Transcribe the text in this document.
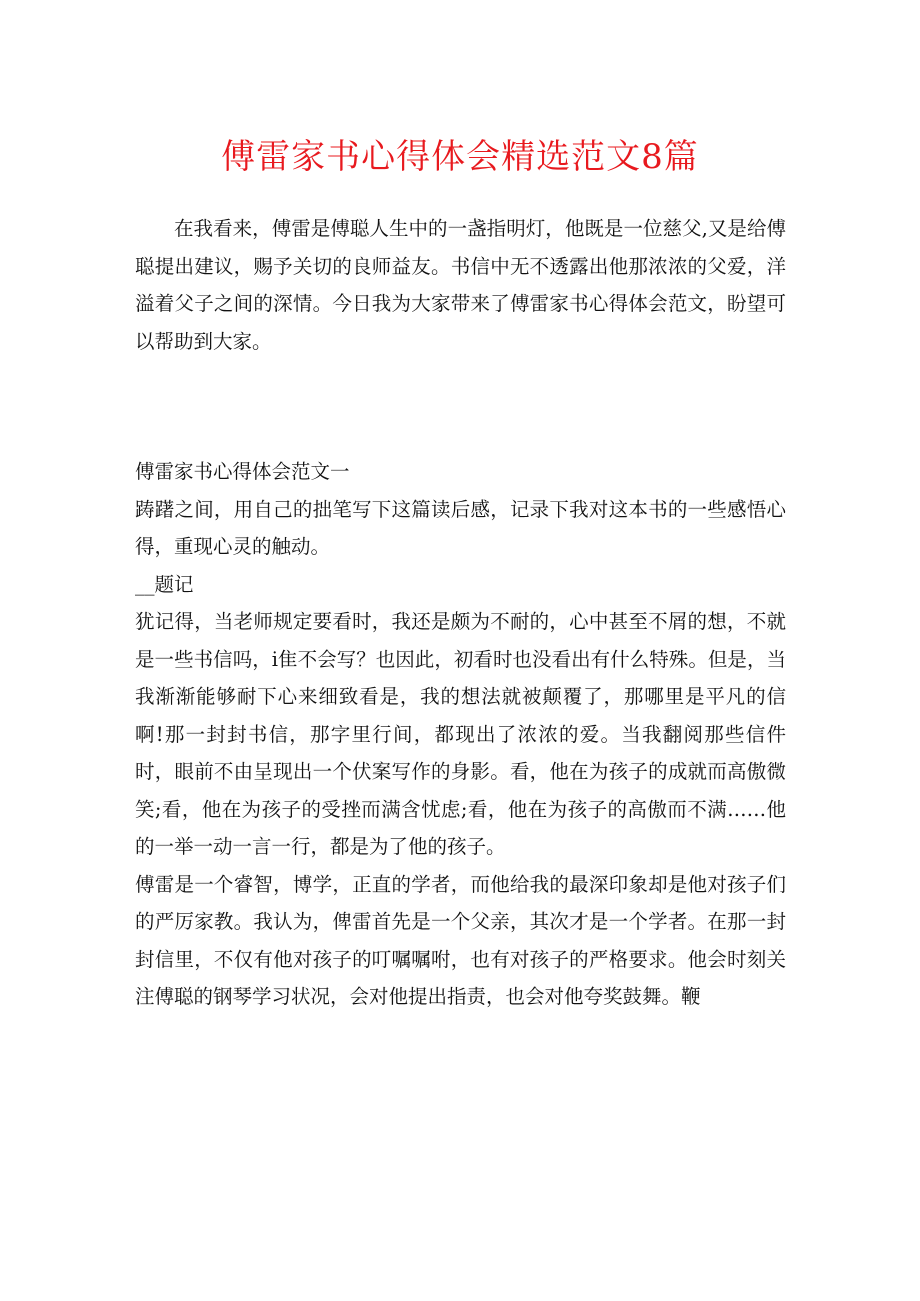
傅雷家书心得体会精选范文8篇

在我看来，傅雷是傅聪人生中的一盏指明灯，他既是一位慈父,又是给傅聪提出建议，赐予关切的良师益友。书信中无不透露出他那浓浓的父爱，洋溢着父子之间的深情。今日我为大家带来了傅雷家书心得体会范文，盼望可以帮助到大家。

傅雷家书心得体会范文一

踌躇之间，用自己的拙笔写下这篇读后感，记录下我对这本书的一些感悟心得，重现心灵的触动。

__题记

犹记得，当老师规定要看时，我还是颇为不耐的，心中甚至不屑的想，不就是一些书信吗，i隹不会写？也因此，初看时也没看出有什么特殊。但是，当我渐渐能够耐下心来细致看是，我的想法就被颠覆了，那哪里是平凡的信啊!那一封封书信，那字里行间，都现出了浓浓的爱。当我翻阅那些信件时，眼前不由呈现出一个伏案写作的身影。看，他在为孩子的成就而高傲微笑;看，他在为孩子的受挫而满含忧虑;看，他在为孩子的高傲而不满……他的一举一动一言一行，都是为了他的孩子。

傅雷是一个睿智，博学，正直的学者，而他给我的最深印象却是他对孩子们的严厉家教。我认为，俾雷首先是一个父亲，其次才是一个学者。在那一封封信里，不仅有他对孩子的叮嘱嘱咐，也有对孩子的严格要求。他会时刻关注傅聪的钢琴学习状况，会对他提出指责，也会对他夸奖鼓舞。鞭
